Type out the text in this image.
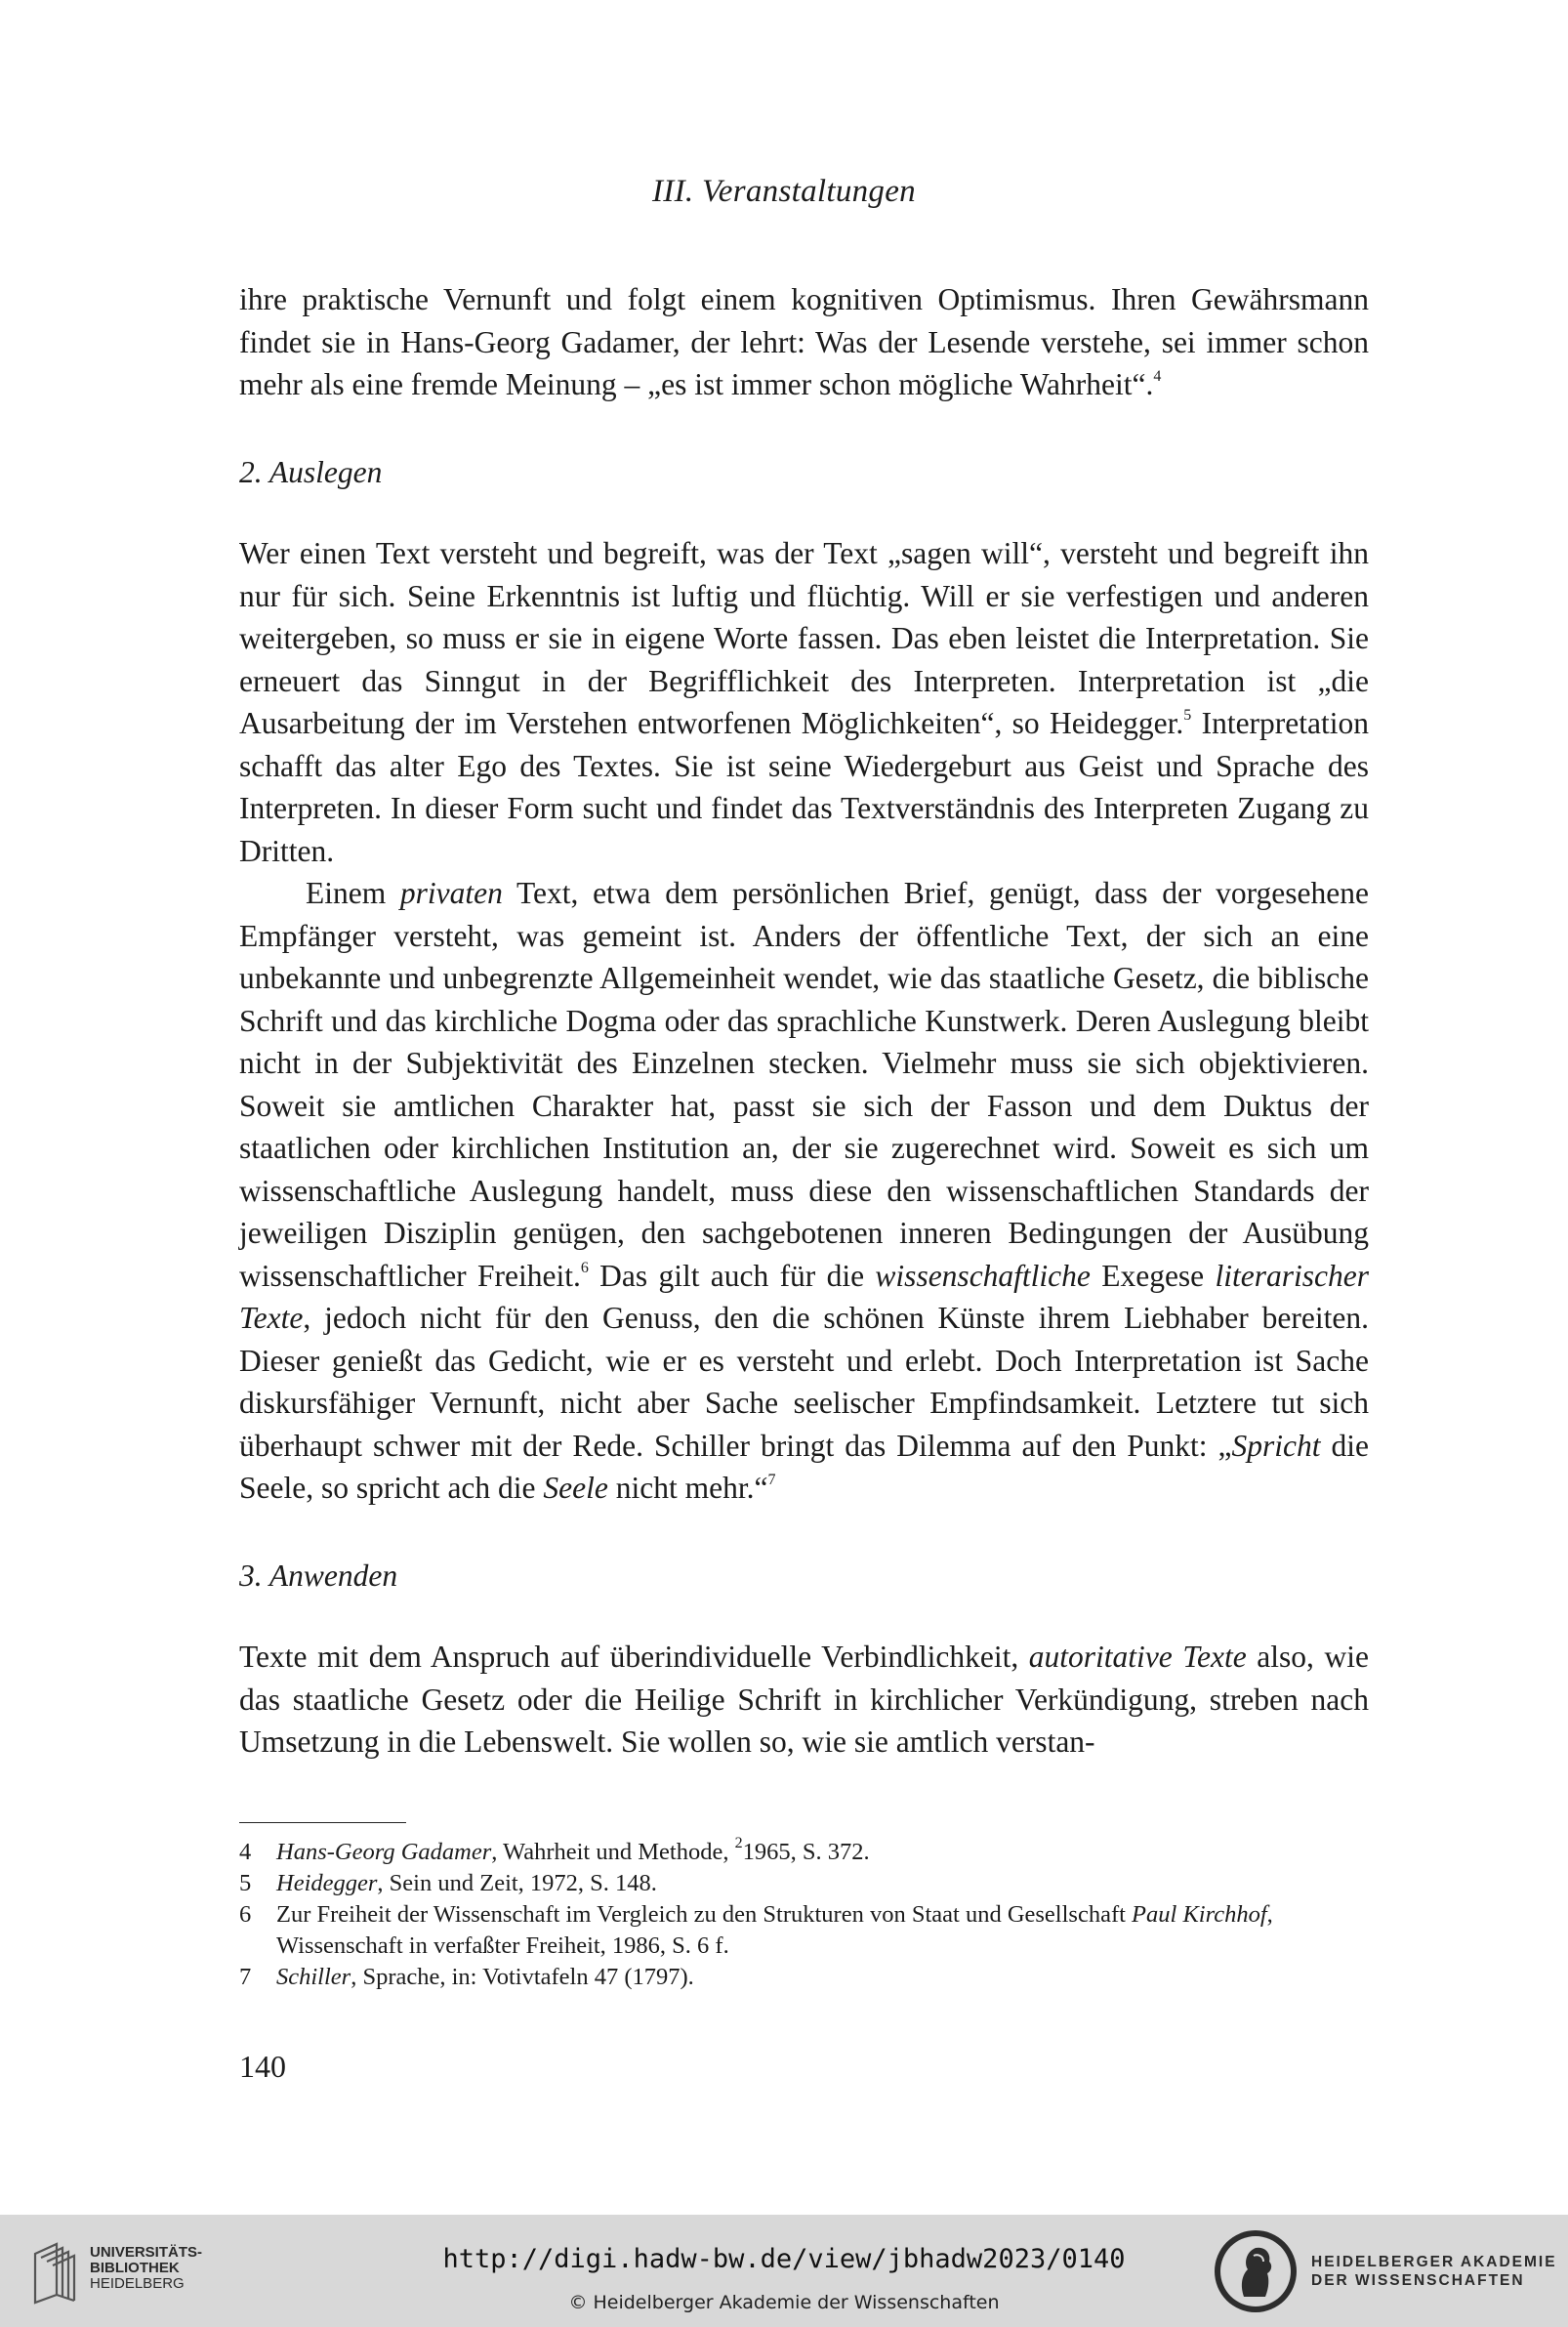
III. Veranstaltungen

ihre praktische Vernunft und folgt einem kognitiven Optimismus. Ihren Gewährsmann findet sie in Hans-Georg Gadamer, der lehrt: Was der Lesende verstehe, sei immer schon mehr als eine fremde Meinung – „es ist immer schon mögliche Wahrheit“.$^4$

2. Auslegen

Wer einen Text versteht und begreift, was der Text „sagen will“, versteht und begreift ihn nur für sich. Seine Erkenntnis ist luftig und flüchtig. Will er sie verfestigen und anderen weitergeben, so muss er sie in eigene Worte fassen. Das eben leistet die Interpretation. Sie erneuert das Sinngut in der Begrifflichkeit des Interpreten. Interpretation ist „die Ausarbeitung der im Verstehen entworfenen Möglichkeiten“, so Heidegger.$^5$ Interpretation schafft das alter Ego des Textes. Sie ist seine Wiedergeburt aus Geist und Sprache des Interpreten. In dieser Form sucht und findet das Textverständnis des Interpreten Zugang zu Dritten.

Einem privaten Text, etwa dem persönlichen Brief, genügt, dass der vorgesehene Empfänger versteht, was gemeint ist. Anders der öffentliche Text, der sich an eine unbekannte und unbegrenzte Allgemeinheit wendet, wie das staatliche Gesetz, die biblische Schrift und das kirchliche Dogma oder das sprachliche Kunstwerk. Deren Auslegung bleibt nicht in der Subjektivität des Einzelnen stecken. Vielmehr muss sie sich objektivieren. Soweit sie amtlichen Charakter hat, passt sie sich der Fasson und dem Duktus der staatlichen oder kirchlichen Institution an, der sie zugerechnet wird. Soweit es sich um wissenschaftliche Auslegung handelt, muss diese den wissenschaftlichen Standards der jeweiligen Disziplin genügen, den sachgebotenen inneren Bedingungen der Ausübung wissenschaftlicher Freiheit.$^6$ Das gilt auch für die wissenschaftliche Exegese literarischer Texte, jedoch nicht für den Genuss, den die schönen Künste ihrem Liebhaber bereiten. Dieser genießt das Gedicht, wie er es versteht und erlebt. Doch Interpretation ist Sache diskursfähiger Vernunft, nicht aber Sache seelischer Empfindsamkeit. Letztere tut sich überhaupt schwer mit der Rede. Schiller bringt das Dilemma auf den Punkt: „Spricht die Seele, so spricht ach die Seele nicht mehr.“$^7$

3. Anwenden

Texte mit dem Anspruch auf überindividuelle Verbindlichkeit, autoritative Texte also, wie das staatliche Gesetz oder die Heilige Schrift in kirchlicher Verkündigung, streben nach Umsetzung in die Lebenswelt. Sie wollen so, wie sie amtlich verstan-

4	Hans-Georg Gadamer, Wahrheit und Methode, $^2$1965, S. 372.
5	Heidegger, Sein und Zeit, 1972, S. 148.
6	Zur Freiheit der Wissenschaft im Vergleich zu den Strukturen von Staat und Gesellschaft Paul Kirchhof, Wissenschaft in verfaßter Freiheit, 1986, S. 6 f.
7	Schiller, Sprache, in: Votivtafeln 47 (1797).
140
UNIVERSITÄTS-
BIBLIOTHEK
HEIDELBERG
http://digi.hadw-bw.de/view/jbhadw2023/0140
© Heidelberger Akademie der Wissenschaften
HEIDELBERGER AKADEMIE
DER WISSENSCHAFTEN
